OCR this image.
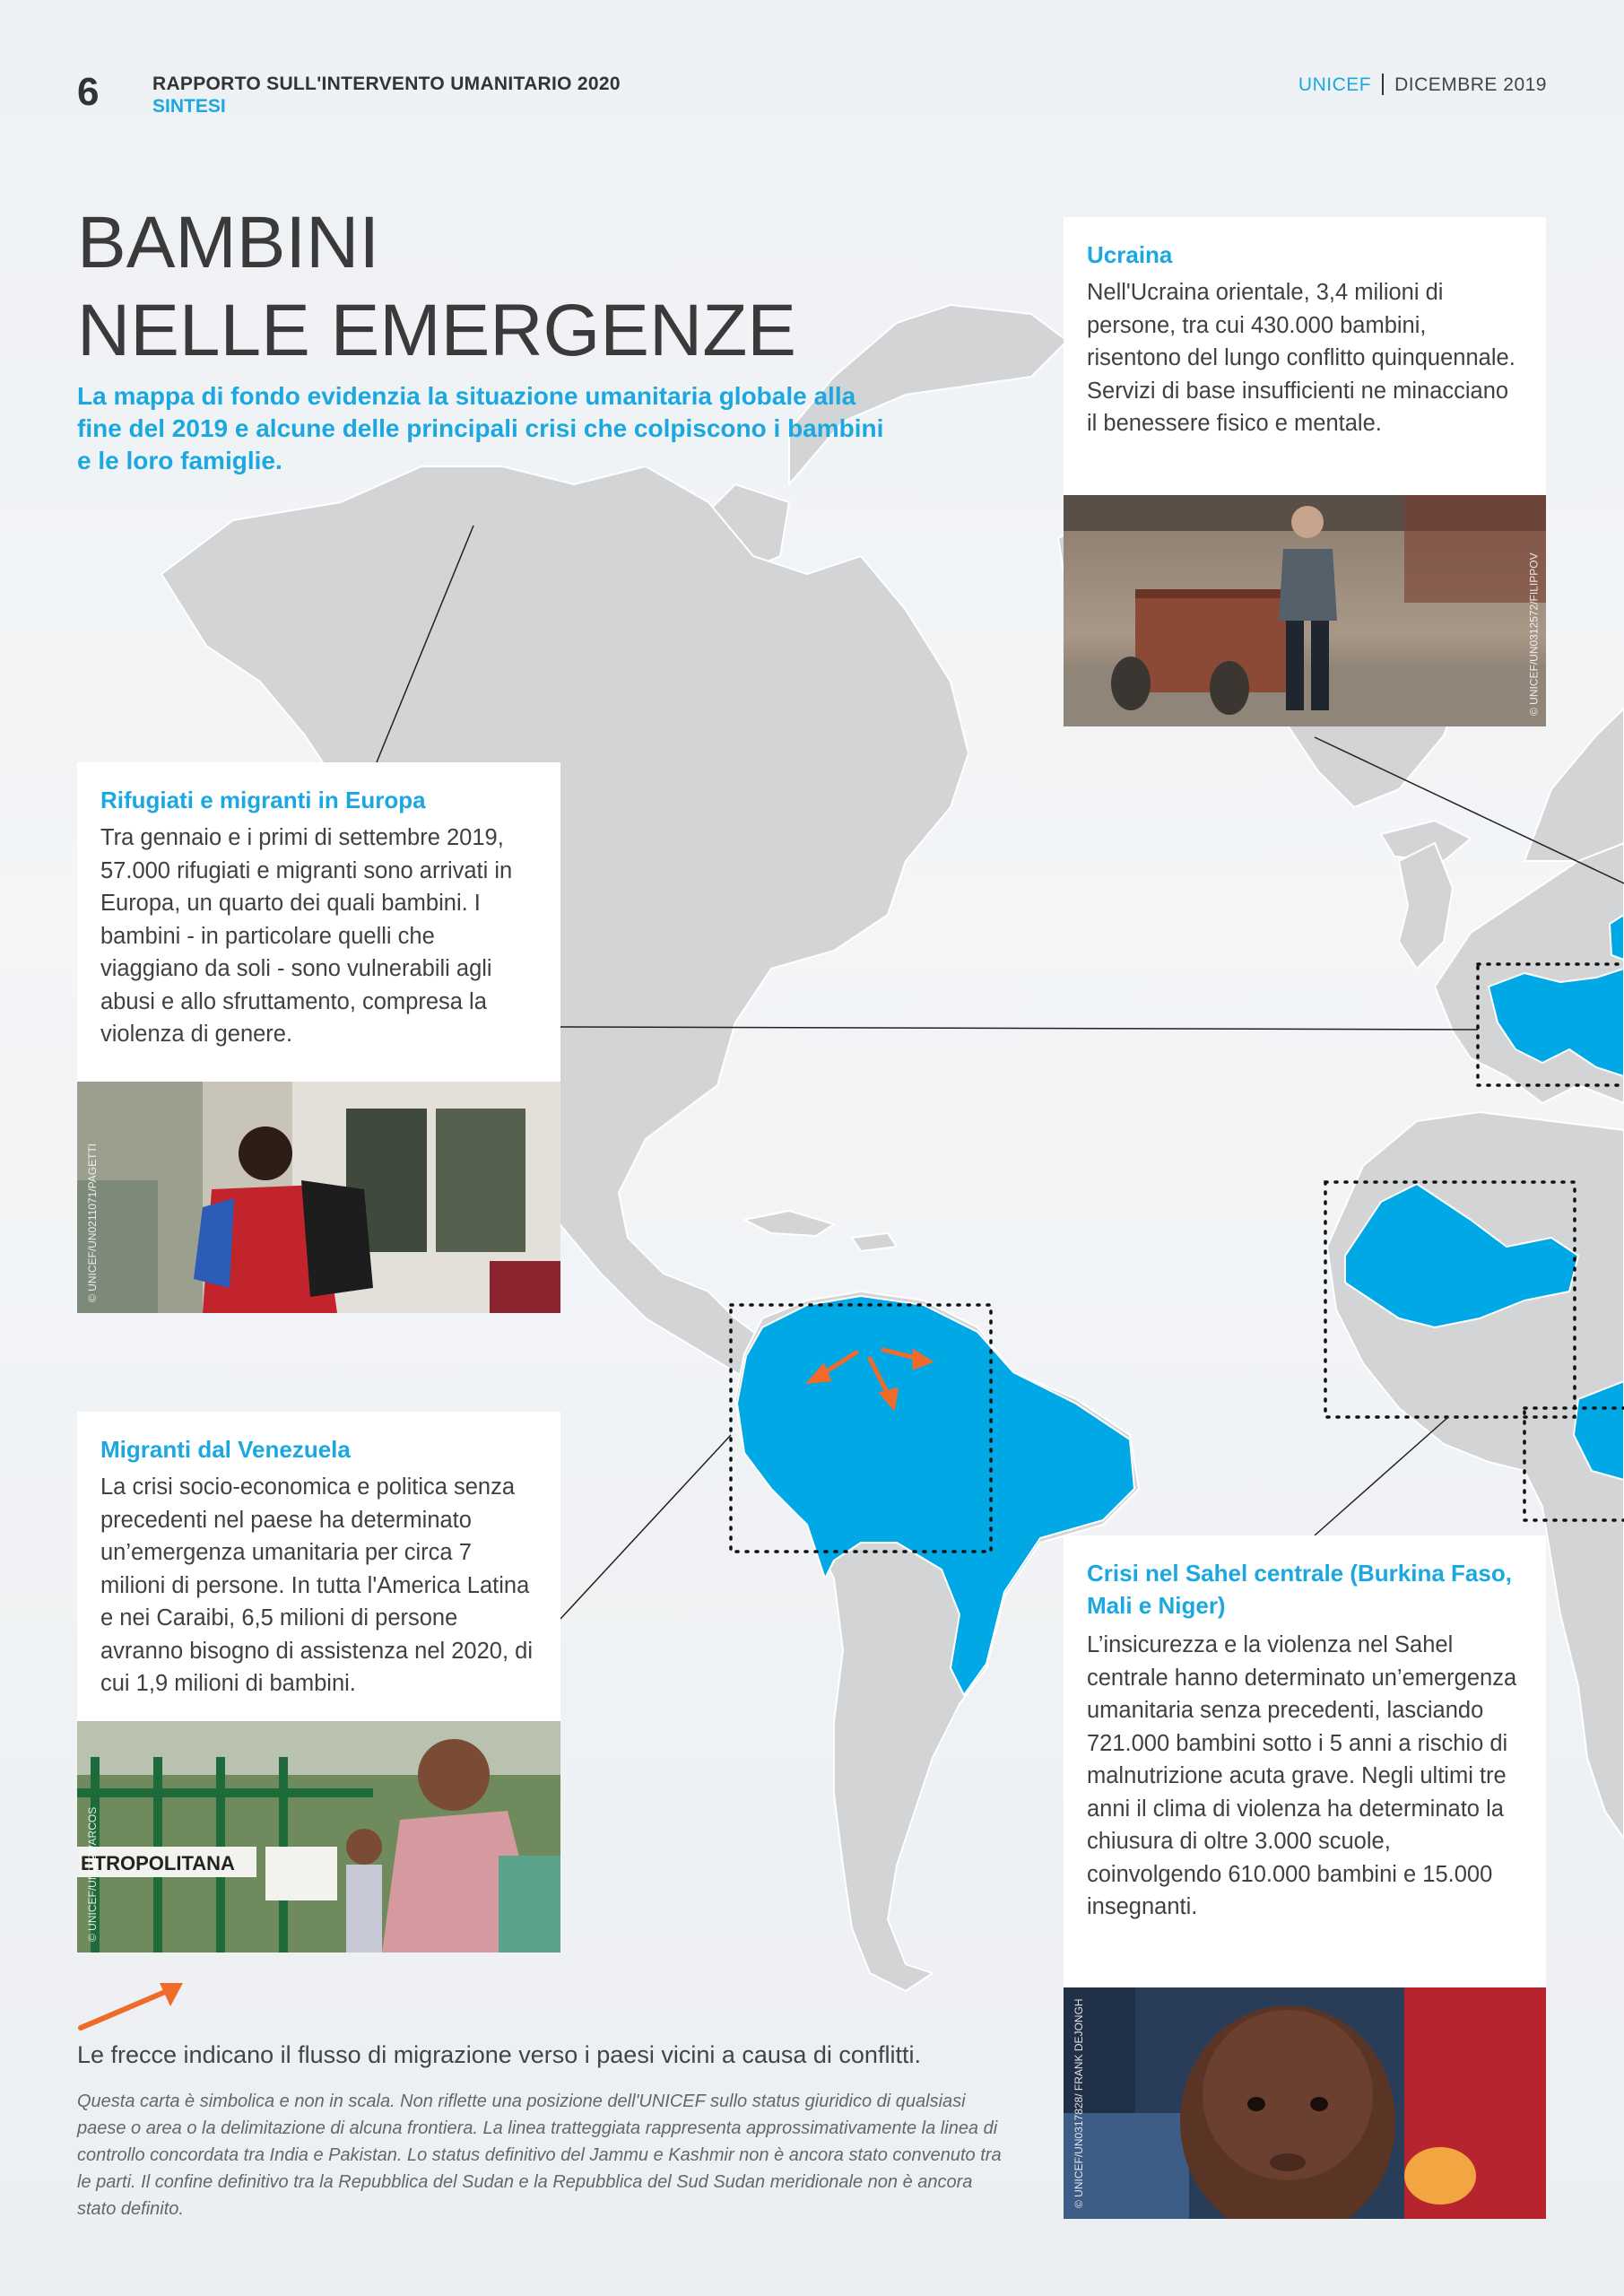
6	RAPPORTO SULL'INTERVENTO UMANITARIO 2020
SINTESI
UNICEF DICEMBRE 2019
BAMBINI
NELLE EMERGENZE
La mappa di fondo evidenzia la situazione umanitaria globale alla fine del 2019 e alcune delle principali crisi che colpiscono i bambini e le loro famiglie.
Ucraina

Nell'Ucraina orientale, 3,4 milioni di persone, tra cui 430.000 bambini, risentono del lungo conflitto quinquennale. Servizi di base insufficienti ne minacciano il benessere fisico e mentale.

© UNICEF/UN0312572/FILIPPOV
Rifugiati e migranti in Europa

Tra gennaio e i primi di settembre 2019, 57.000 rifugiati e migranti sono arrivati in Europa, un quarto dei quali bambini. I bambini - in particolare quelli che viaggiano da soli - sono vulnerabili agli abusi e allo sfruttamento, compresa la violenza di genere.

© UNICEF/UN0211071/PAGETTI
Migranti dal Venezuela

La crisi socio-economica e politica senza precedenti nel paese ha determinato un’emergenza umanitaria per circa 7 milioni di persone. In tutta l'America Latina e nei Caraibi, 6,5 milioni di persone avranno bisogno di assistenza nel 2020, di cui 1,9 milioni di bambini.

ETROPOLITANA
© UNICEF/UN0229/ARCOS
Crisi nel Sahel centrale (Burkina Faso, Mali e Niger)

L’insicurezza e la violenza nel Sahel centrale hanno determinato un’emergenza umanitaria senza precedenti, lasciando 721.000 bambini sotto i 5 anni a rischio di malnutrizione acuta grave. Negli ultimi tre anni il clima di violenza ha determinato la chiusura di oltre 3.000 scuole, coinvolgendo 610.000 bambini e 15.000 insegnanti.

© UNICEF/UN0317828/ FRANK DEJONGH
Le frecce indicano il flusso di migrazione verso i paesi vicini a causa di conflitti.
Questa carta è simbolica e non in scala. Non riflette una posizione dell'UNICEF sullo status giuridico di qualsiasi paese o area o la delimitazione di alcuna frontiera. La linea tratteggiata rappresenta approssimativamente la linea di controllo concordata tra India e Pakistan. Lo status definitivo del Jammu e Kashmir non è ancora stato convenuto tra le parti. Il confine definitivo tra la Repubblica del Sudan e la Repubblica del Sud Sudan meridionale non è ancora stato definito.
